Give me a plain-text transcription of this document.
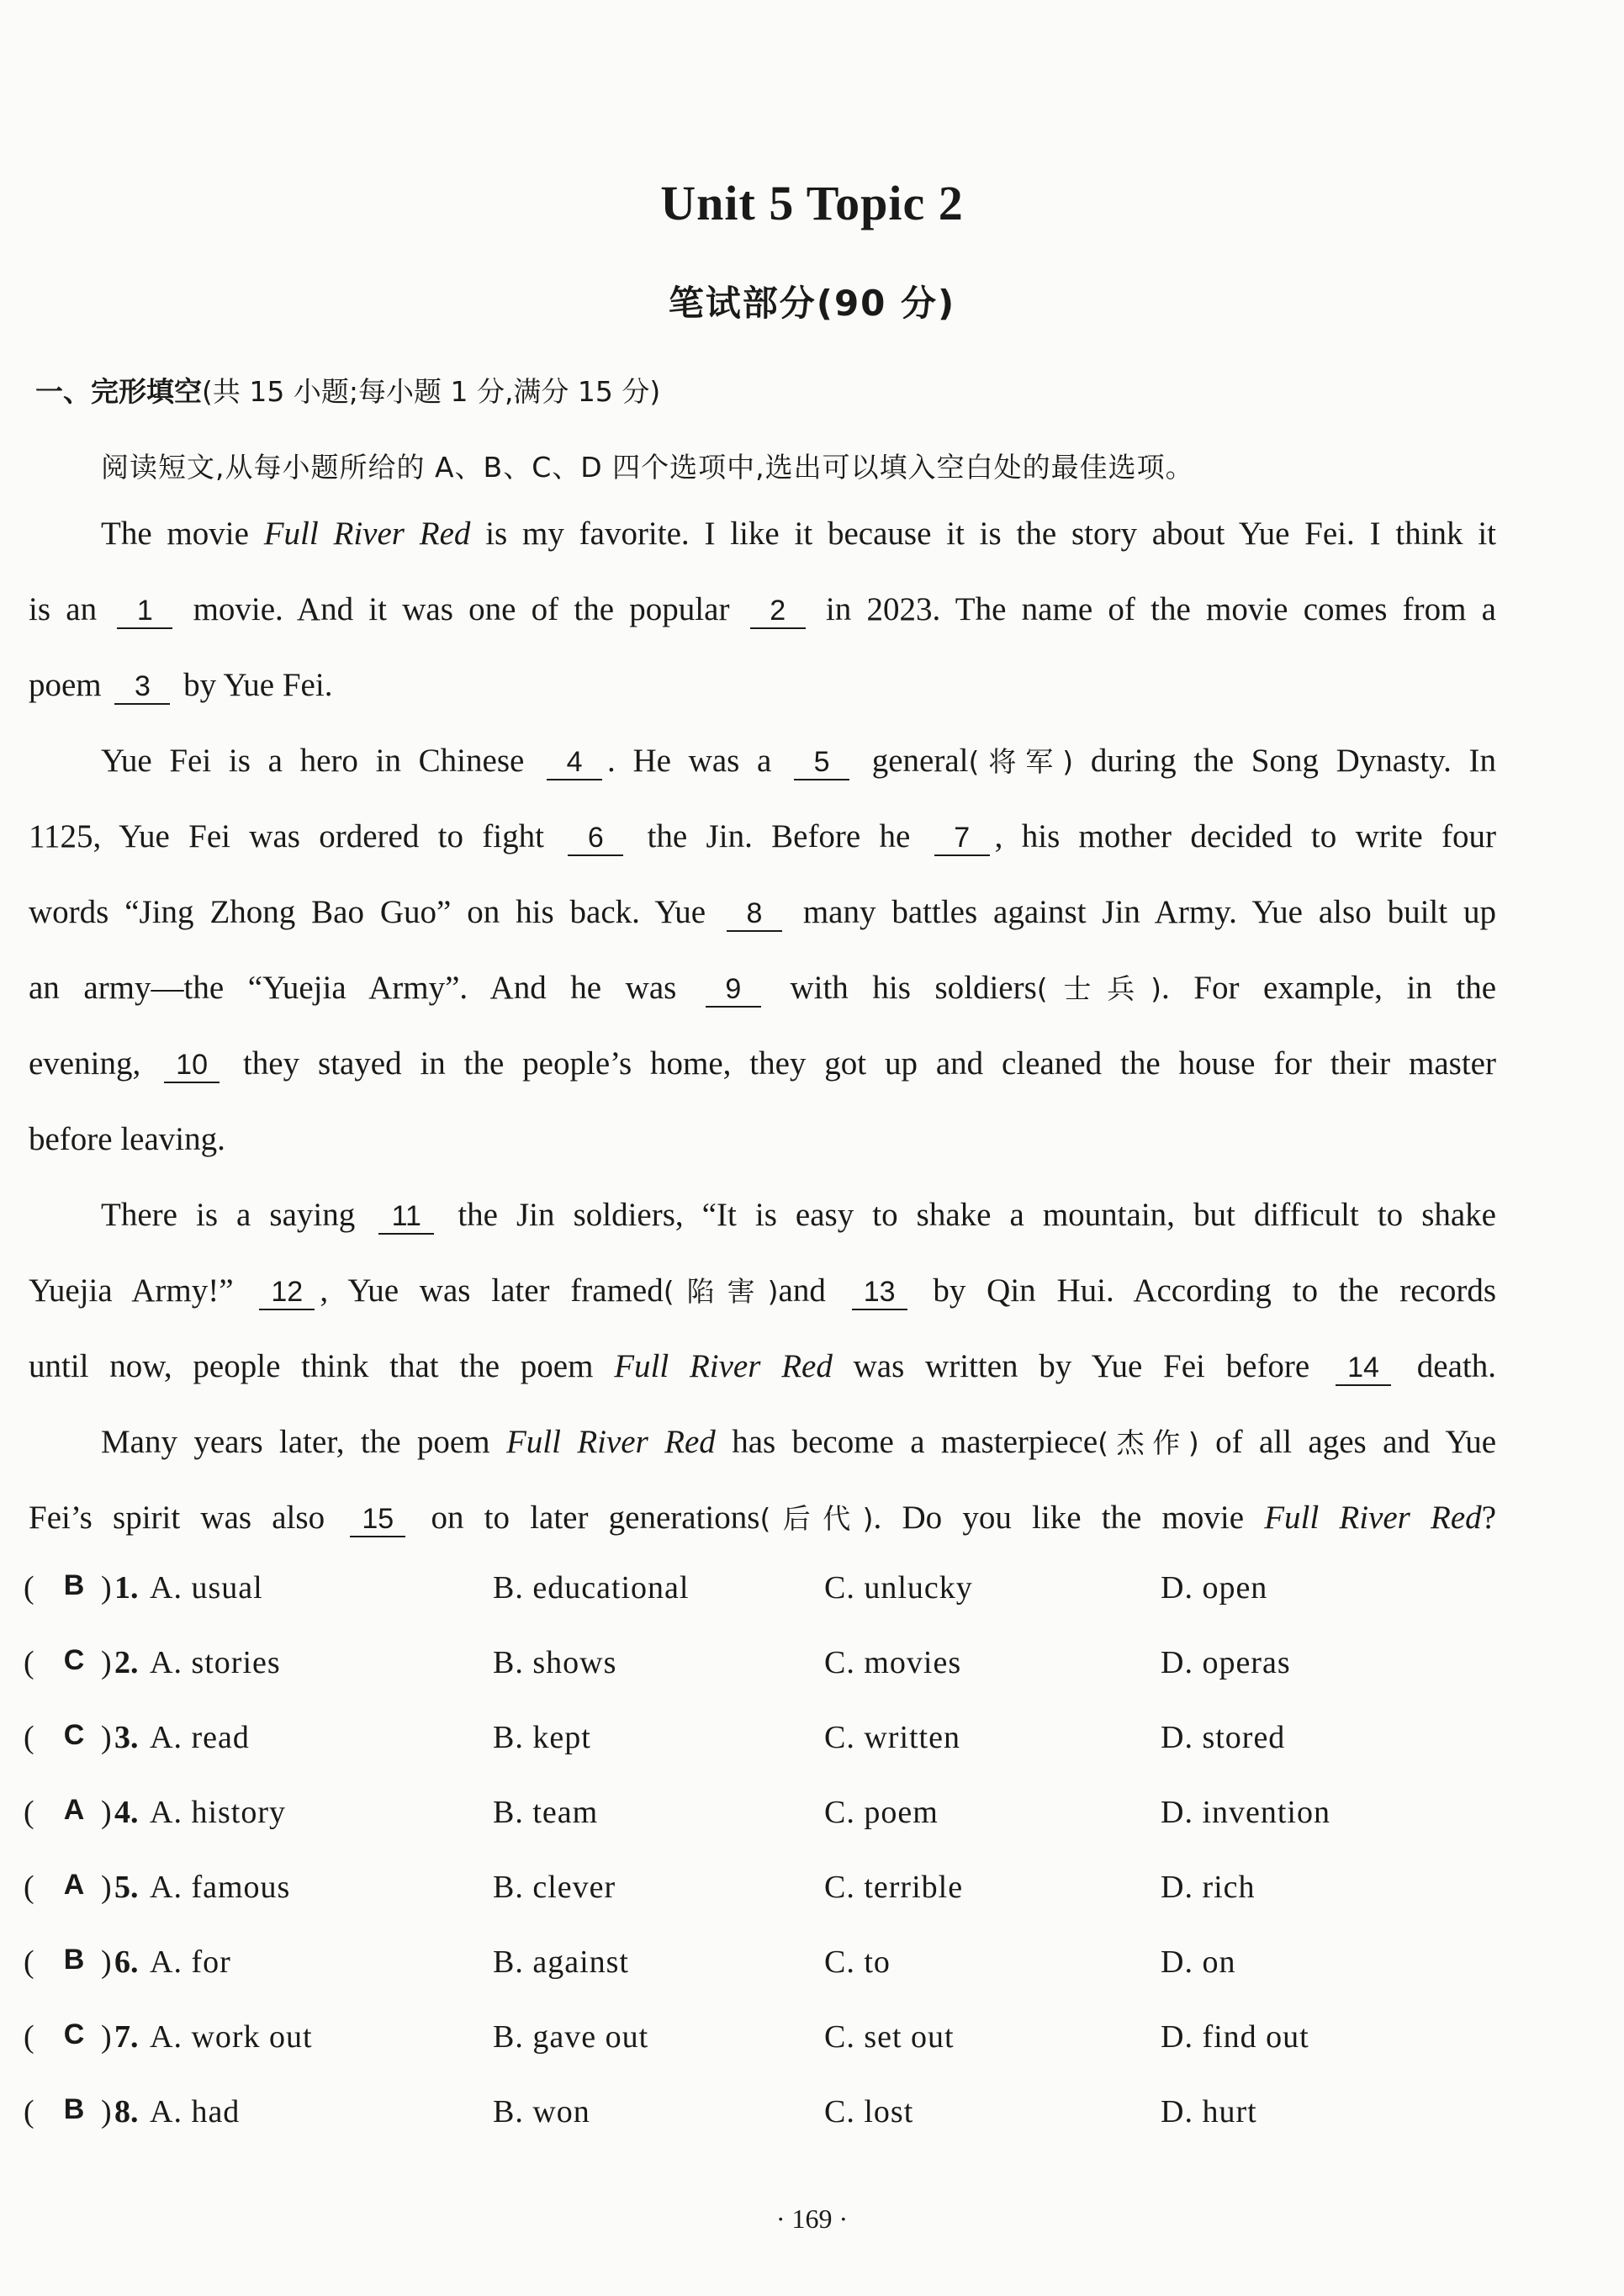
Unit 5 Topic 2
笔试部分(90 分)
一、完形填空(共 15 小题;每小题 1 分,满分 15 分)
阅读短文,从每小题所给的 A、B、C、D 四个选项中,选出可以填入空白处的最佳选项。
The movie Full River Red is my favorite. I like it because it is the story about Yue Fei. I think it
is an 1 movie. And it was one of the popular 2 in 2023. The name of the movie comes from a
poem 3 by Yue Fei.
Yue Fei is a hero in Chinese 4 . He was a 5 general(将军) during the Song Dynasty. In
1125, Yue Fei was ordered to fight 6 the Jin. Before he 7 , his mother decided to write four
words “Jing Zhong Bao Guo” on his back. Yue 8 many battles against Jin Army. Yue also built up
an army—the “Yuejia Army”. And he was 9 with his soldiers(士兵). For example, in the
evening, 10 they stayed in the people’s home, they got up and cleaned the house for their master
before leaving.
There is a saying 11 the Jin soldiers, “It is easy to shake a mountain, but difficult to shake
Yuejia Army!” 12 , Yue was later framed(陷害)and 13 by Qin Hui. According to the records
until now, people think that the poem Full River Red was written by Yue Fei before 14 death.
Many years later, the poem Full River Red has become a masterpiece(杰作) of all ages and Yue
Fei’s spirit was also 15 on to later generations(后代). Do you like the movie Full River Red?
( B ) 1. A. usual	B. educational	C. unlucky	D. open
( C ) 2. A. stories	B. shows	C. movies	D. operas
( C ) 3. A. read	B. kept	C. written	D. stored
( A ) 4. A. history	B. team	C. poem	D. invention
( A ) 5. A. famous	B. clever	C. terrible	D. rich
( B ) 6. A. for	B. against	C. to	D. on
( C ) 7. A. work out	B. gave out	C. set out	D. find out
( B ) 8. A. had	B. won	C. lost	D. hurt
· 169 ·
